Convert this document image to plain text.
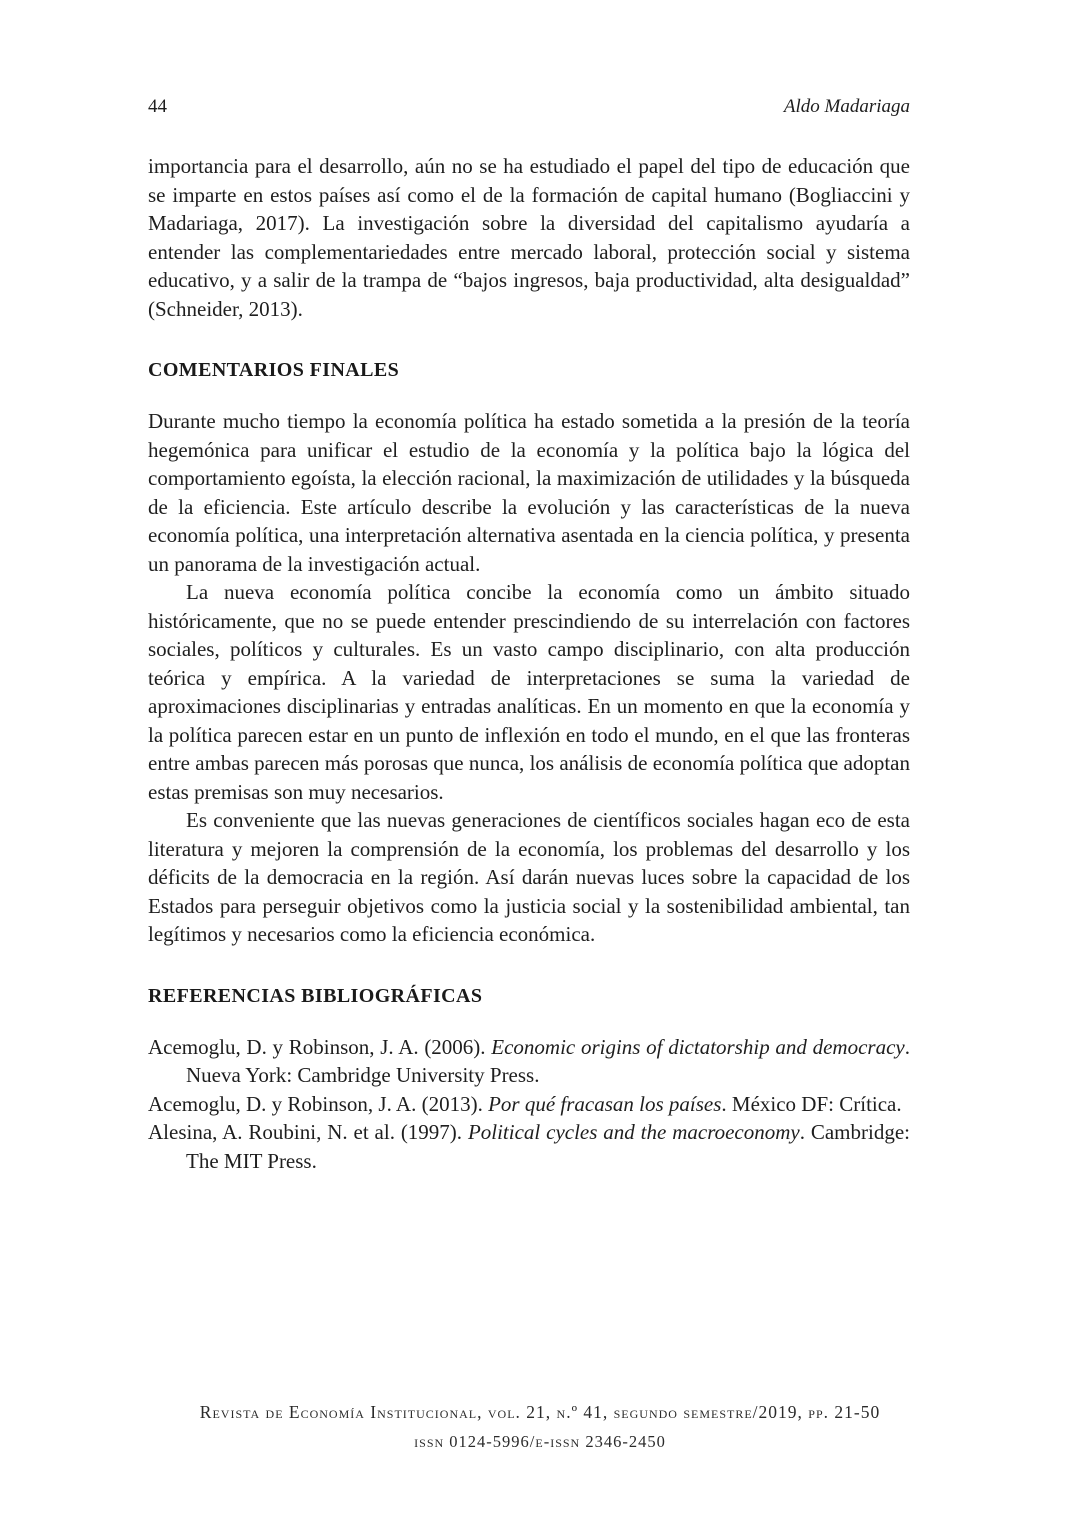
44	Aldo Madariaga

importancia para el desarrollo, aún no se ha estudiado el papel del tipo de educación que se imparte en estos países así como el de la formación de capital humano (Bogliaccini y Madariaga, 2017). La investigación sobre la diversidad del capitalismo ayudaría a entender las complementariedades entre mercado laboral, protección social y sistema educativo, y a salir de la trampa de “bajos ingresos, baja productividad, alta desigualdad” (Schneider, 2013).

COMENTARIOS FINALES

Durante mucho tiempo la economía política ha estado sometida a la presión de la teoría hegemónica para unificar el estudio de la economía y la política bajo la lógica del comportamiento egoísta, la elección racional, la maximización de utilidades y la búsqueda de la eficiencia. Este artículo describe la evolución y las características de la nueva economía política, una interpretación alternativa asentada en la ciencia política, y presenta un panorama de la investigación actual.

La nueva economía política concibe la economía como un ámbito situado históricamente, que no se puede entender prescindiendo de su interrelación con factores sociales, políticos y culturales. Es un vasto campo disciplinario, con alta producción teórica y empírica. A la variedad de interpretaciones se suma la variedad de aproximaciones disciplinarias y entradas analíticas. En un momento en que la economía y la política parecen estar en un punto de inflexión en todo el mundo, en el que las fronteras entre ambas parecen más porosas que nunca, los análisis de economía política que adoptan estas premisas son muy necesarios.

Es conveniente que las nuevas generaciones de científicos sociales hagan eco de esta literatura y mejoren la comprensión de la economía, los problemas del desarrollo y los déficits de la democracia en la región. Así darán nuevas luces sobre la capacidad de los Estados para perseguir objetivos como la justicia social y la sostenibilidad ambiental, tan legítimos y necesarios como la eficiencia económica.

REFERENCIAS BIBLIOGRÁFICAS

Acemoglu, D. y Robinson, J. A. (2006). Economic origins of dictatorship and democracy. Nueva York: Cambridge University Press.

Acemoglu, D. y Robinson, J. A. (2013). Por qué fracasan los países. México DF: Crítica.

Alesina, A. Roubini, N. et al. (1997). Political cycles and the macroeconomy. Cambridge: The MIT Press.

Revista de Economía Institucional, vol. 21, n.º 41, segundo semestre/2019, pp. 21-50
issn 0124-5996/e-issn 2346-2450
